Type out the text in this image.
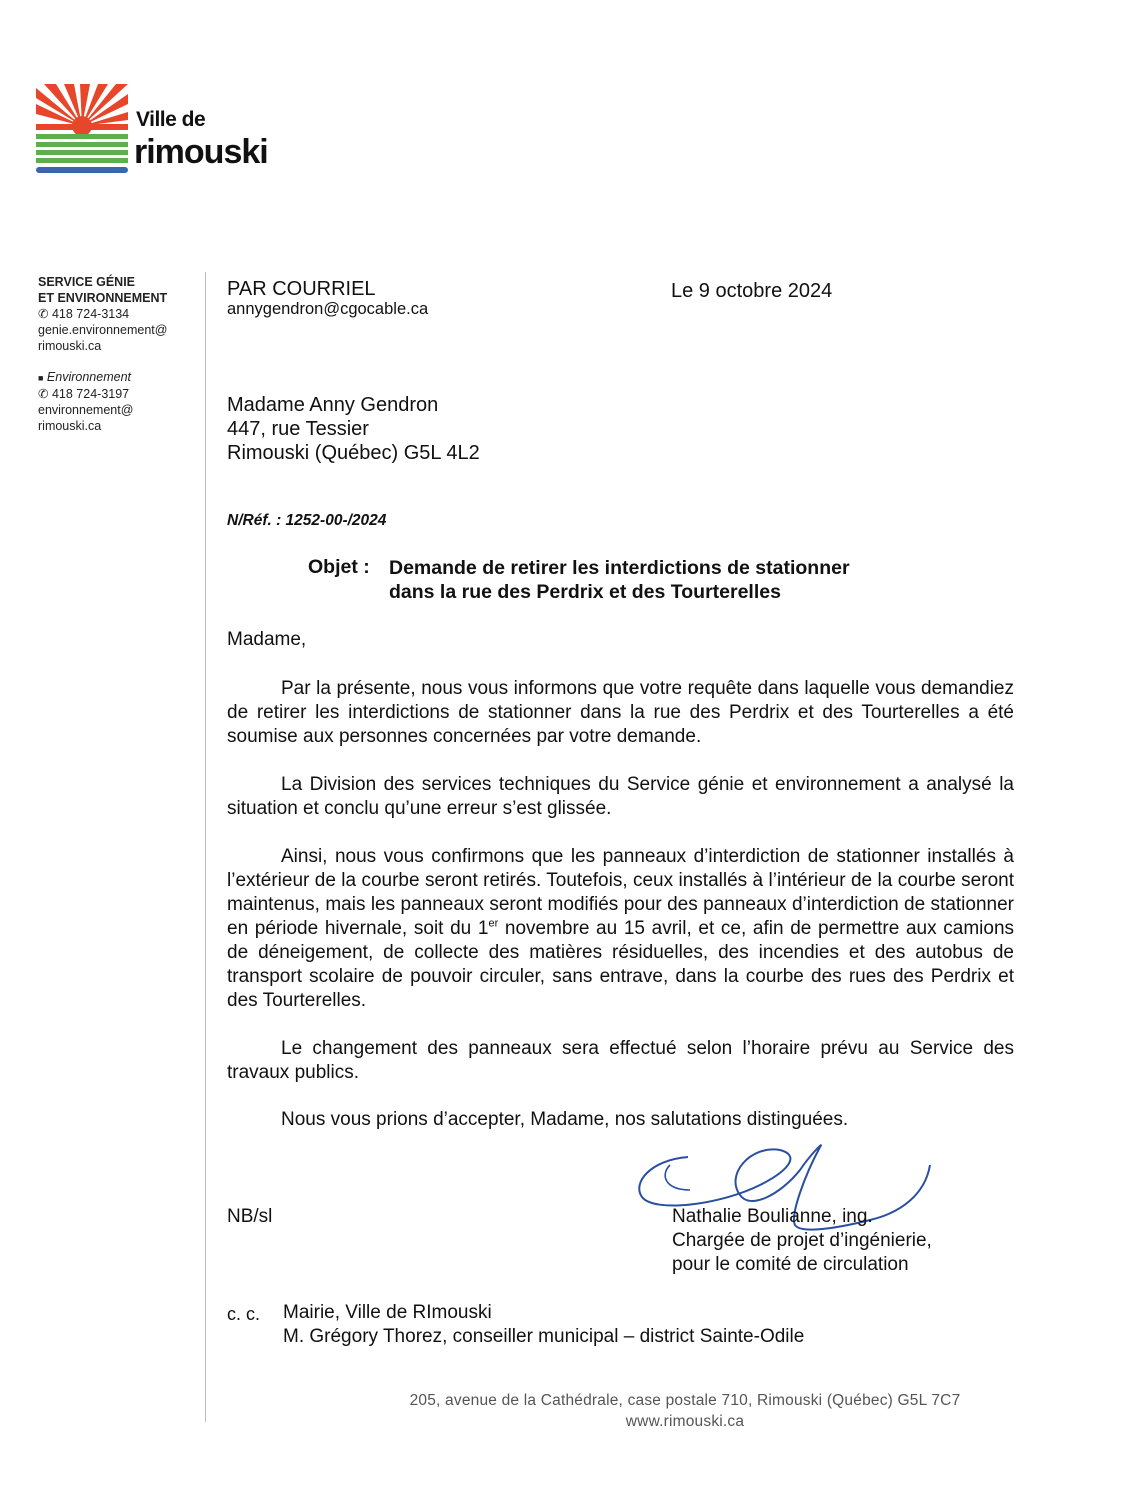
Ville de
rimouski
SERVICE GÉNIE
ET ENVIRONNEMENT
✆ 418 724-3134
genie.environnement@
rimouski.ca
■ Environnement
✆ 418 724-3197
environnement@
rimouski.ca
PAR COURRIEL
annygendron@cgocable.ca
Le 9 octobre 2024
Madame Anny Gendron
447, rue Tessier
Rimouski (Québec) G5L 4L2
N/Réf. : 1252-00-/2024
Objet : Demande de retirer les interdictions de stationner
dans la rue des Perdrix et des Tourterelles
Madame,
Par la présente, nous vous informons que votre requête dans laquelle vous demandiez de retirer les interdictions de stationner dans la rue des Perdrix et des Tourterelles a été soumise aux personnes concernées par votre demande.
La Division des services techniques du Service génie et environnement a analysé la situation et conclu qu’une erreur s’est glissée.
Ainsi, nous vous confirmons que les panneaux d’interdiction de stationner installés à l’extérieur de la courbe seront retirés. Toutefois, ceux installés à l’intérieur de la courbe seront maintenus, mais les panneaux seront modifiés pour des panneaux d’interdiction de stationner en période hivernale, soit du 1er novembre au 15 avril, et ce, afin de permettre aux camions de déneigement, de collecte des matières résiduelles, des incendies et des autobus de transport scolaire de pouvoir circuler, sans entrave, dans la courbe des rues des Perdrix et des Tourterelles.
Le changement des panneaux sera effectué selon l’horaire prévu au Service des travaux publics.
Nous vous prions d’accepter, Madame, nos salutations distinguées.
NB/sl	Nathalie Boulianne, ing.
Chargée de projet d’ingénierie,
pour le comité de circulation
c. c. Mairie, Ville de RImouski
M. Grégory Thorez, conseiller municipal – district Sainte-Odile
205, avenue de la Cathédrale, case postale 710, Rimouski (Québec) G5L 7C7
www.rimouski.ca
